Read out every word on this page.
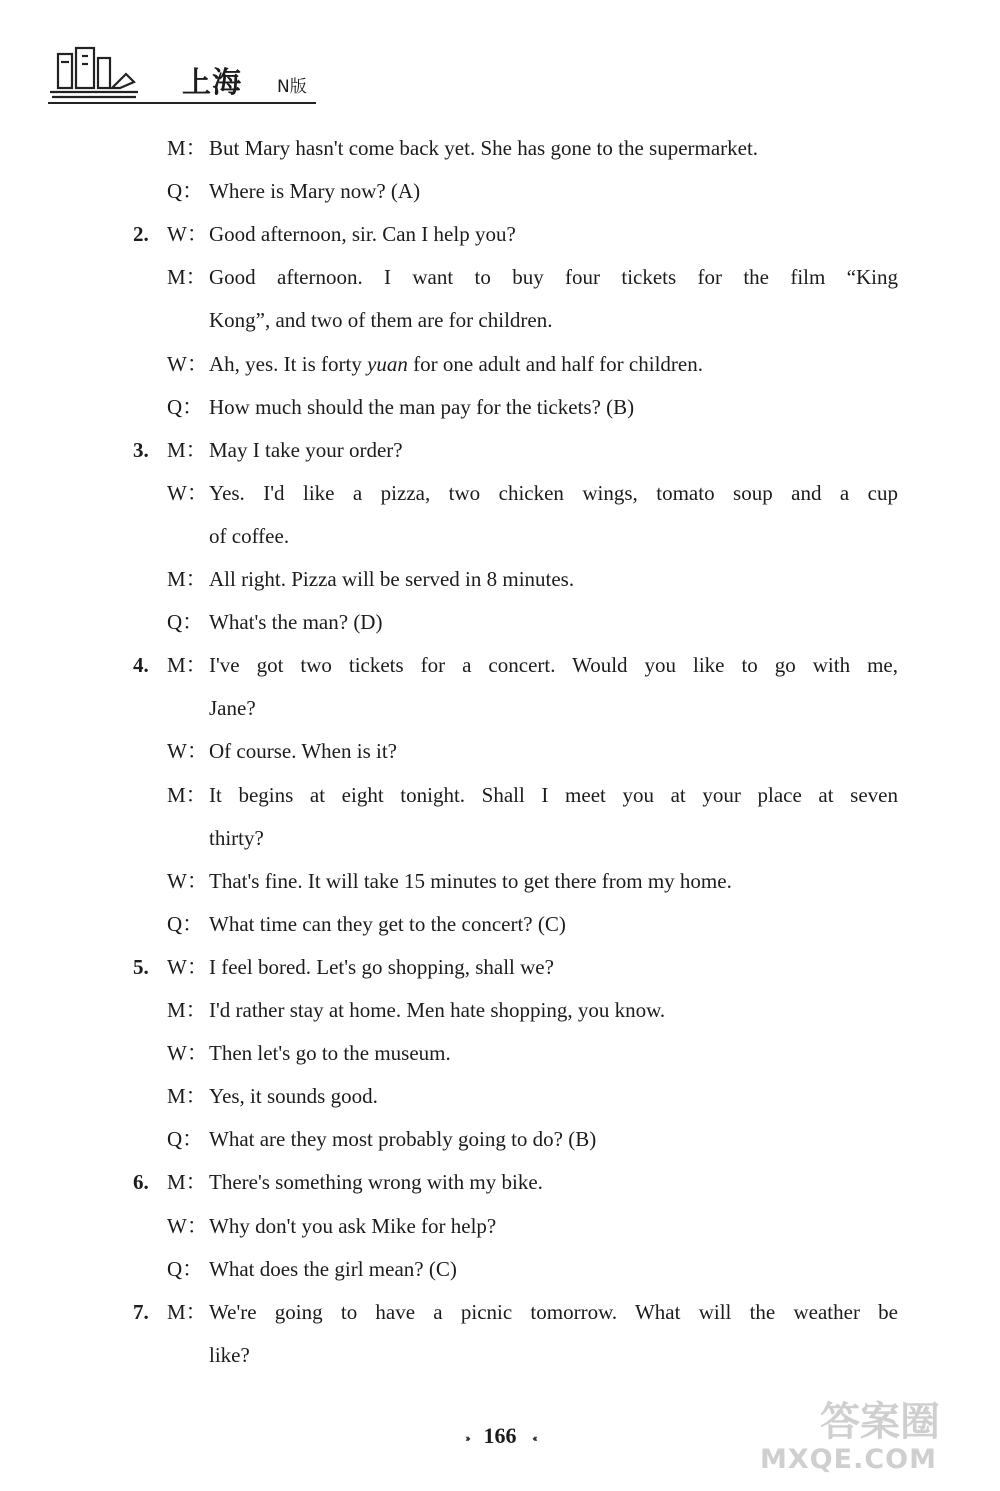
上海 N版
M： But Mary hasn't come back yet. She has gone to the supermarket.
Q： Where is Mary now? (A)
2. W： Good afternoon, sir. Can I help you?
M： Good afternoon. I want to buy four tickets for the film “King
Kong”, and two of them are for children.
W： Ah, yes. It is forty yuan for one adult and half for children.
Q： How much should the man pay for the tickets? (B)
3. M： May I take your order?
W： Yes. I'd like a pizza, two chicken wings, tomato soup and a cup
of coffee.
M： All right. Pizza will be served in 8 minutes.
Q： What's the man? (D)
4. M： I've got two tickets for a concert. Would you like to go with me,
Jane?
W： Of course. When is it?
M： It begins at eight tonight. Shall I meet you at your place at seven
thirty?
W： That's fine. It will take 15 minutes to get there from my home.
Q： What time can they get to the concert? (C)
5. W： I feel bored. Let's go shopping, shall we?
M： I'd rather stay at home. Men hate shopping, you know.
W： Then let's go to the museum.
M： Yes, it sounds good.
Q： What are they most probably going to do? (B)
6. M： There's something wrong with my bike.
W： Why don't you ask Mike for help?
Q： What does the girl mean? (C)
7. M： We're going to have a picnic tomorrow. What will the weather be
like?
››› 166 ‹‹‹	答案圈
MXQE.COM
